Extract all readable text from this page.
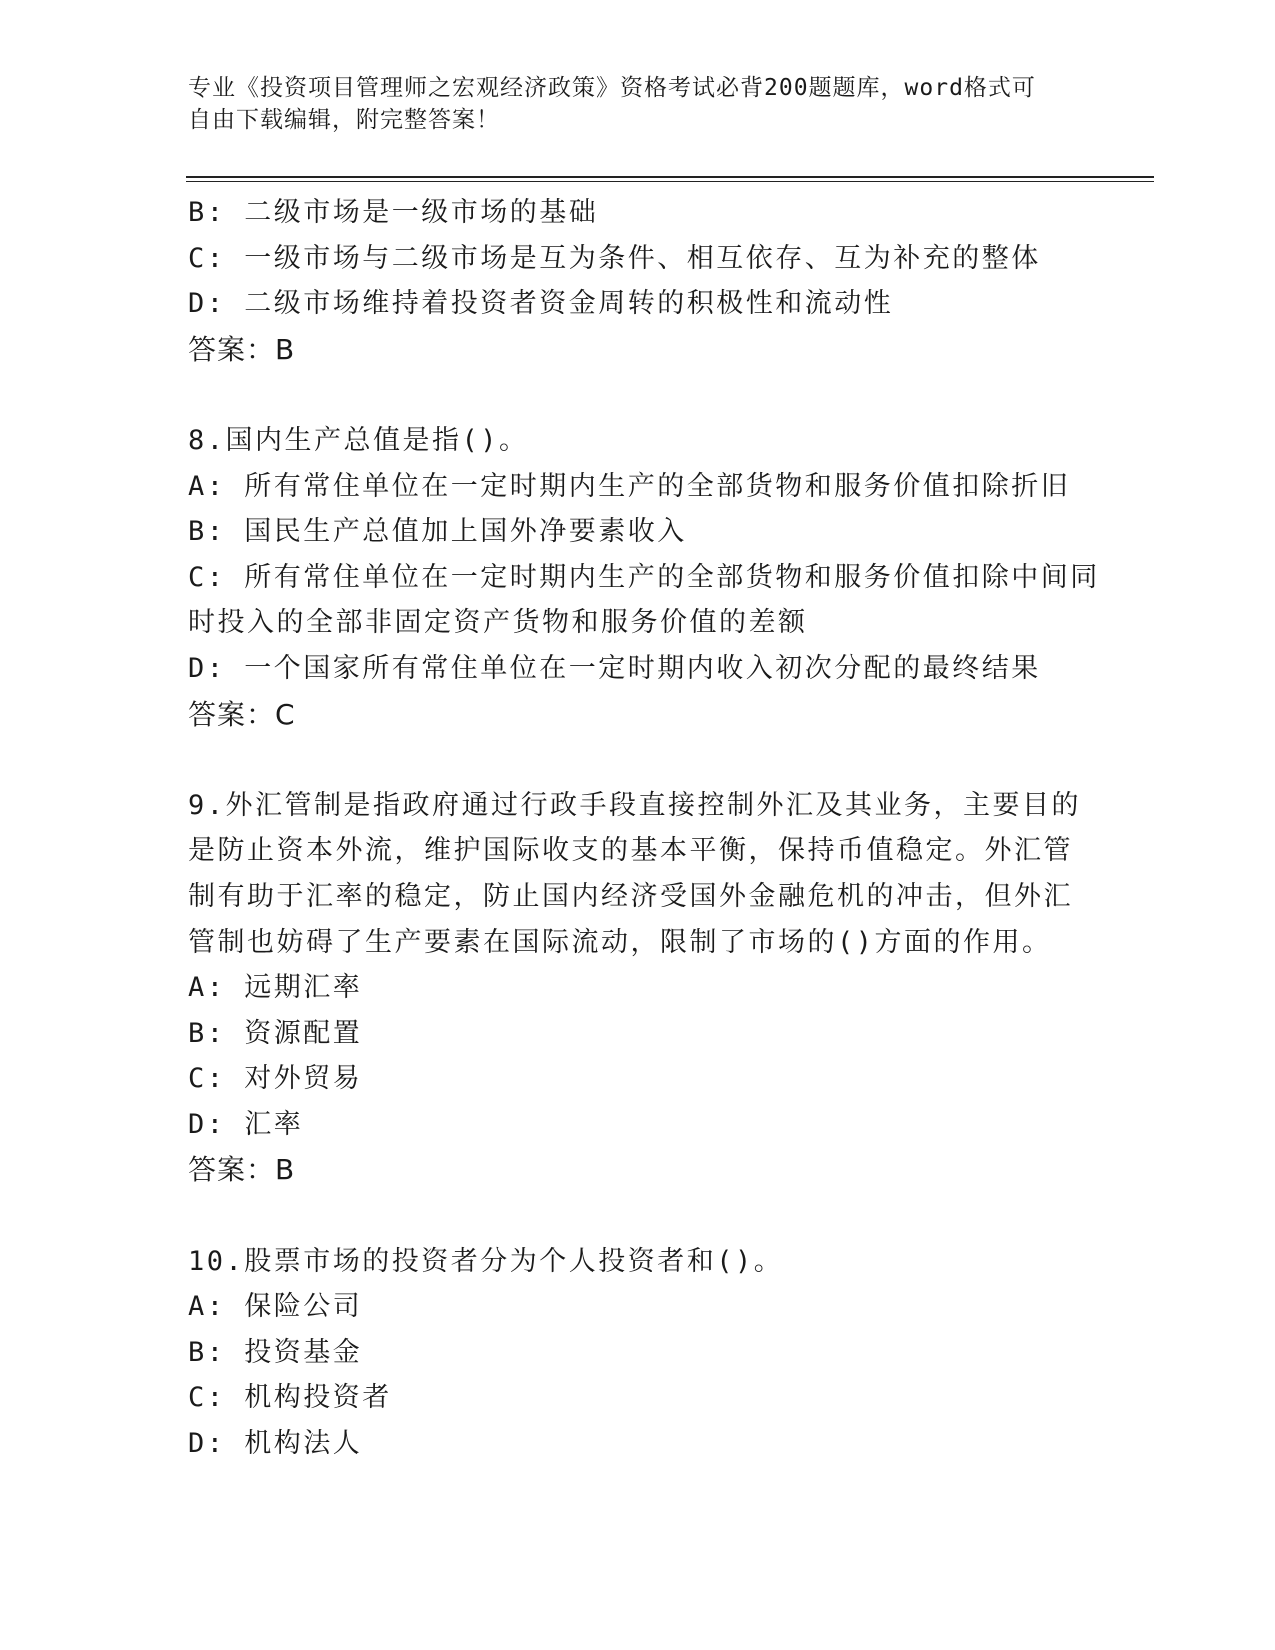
专业《投资项目管理师之宏观经济政策》资格考试必背200题题库，word格式可
自由下载编辑，附完整答案！
B: 二级市场是一级市场的基础
C: 一级市场与二级市场是互为条件、相互依存、互为补充的整体
D: 二级市场维持着投资者资金周转的积极性和流动性
答案：B
8.国内生产总值是指()。
A: 所有常住单位在一定时期内生产的全部货物和服务价值扣除折旧
B: 国民生产总值加上国外净要素收入
C: 所有常住单位在一定时期内生产的全部货物和服务价值扣除中间同
时投入的全部非固定资产货物和服务价值的差额
D: 一个国家所有常住单位在一定时期内收入初次分配的最终结果
答案：C
9.外汇管制是指政府通过行政手段直接控制外汇及其业务，主要目的
是防止资本外流，维护国际收支的基本平衡，保持币值稳定。外汇管
制有助于汇率的稳定，防止国内经济受国外金融危机的冲击，但外汇
管制也妨碍了生产要素在国际流动，限制了市场的()方面的作用。
A: 远期汇率
B: 资源配置
C: 对外贸易
D: 汇率
答案：B
10.股票市场的投资者分为个人投资者和()。
A: 保险公司
B: 投资基金
C: 机构投资者
D: 机构法人
